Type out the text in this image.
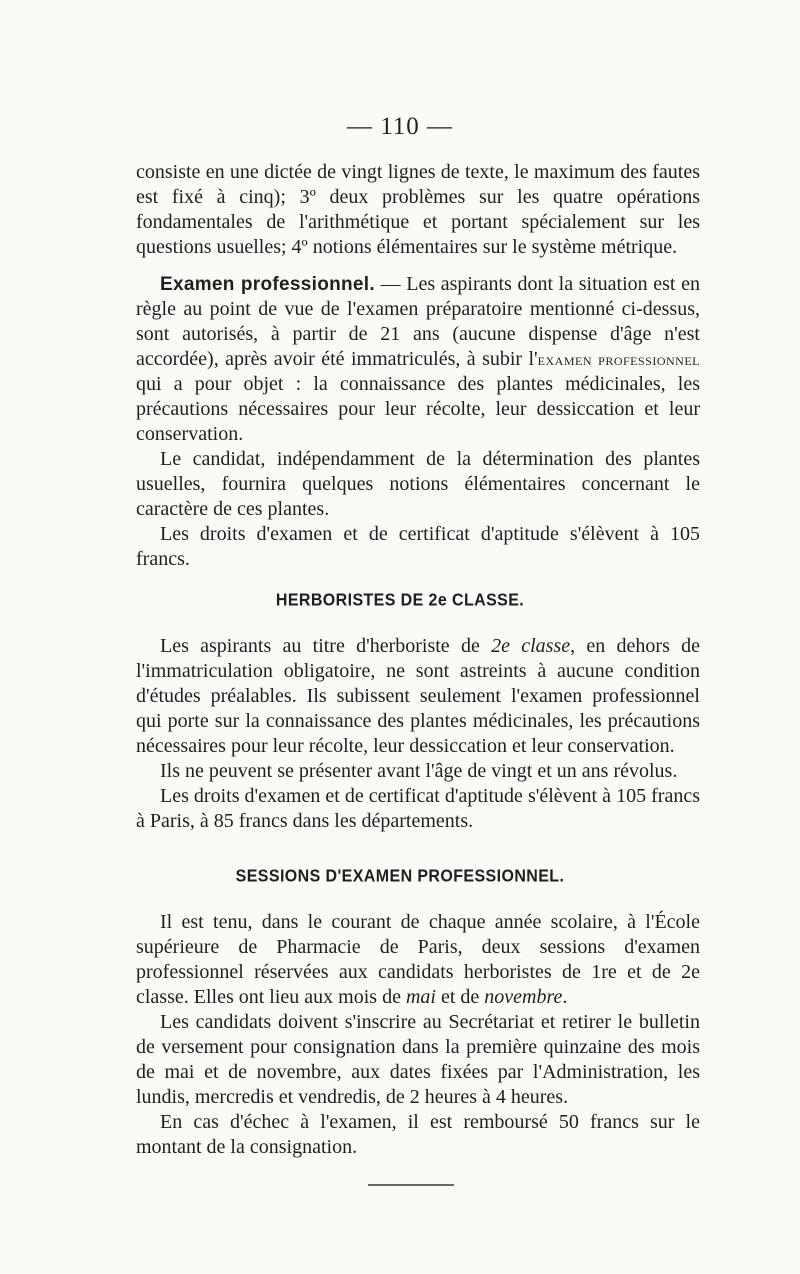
— 110 —

consiste en une dictée de vingt lignes de texte, le maximum des fautes est fixé à cinq); 3º deux problèmes sur les quatre opérations fondamentales de l'arithmétique et portant spécialement sur les questions usuelles; 4º notions élémentaires sur le système métrique.

Examen professionnel. — Les aspirants dont la situation est en règle au point de vue de l'examen préparatoire mentionné ci-dessus, sont autorisés, à partir de 21 ans (aucune dispense d'âge n'est accordée), après avoir été immatriculés, à subir l'examen professionnel qui a pour objet : la connaissance des plantes médicinales, les précautions nécessaires pour leur récolte, leur dessiccation et leur conservation.

Le candidat, indépendamment de la détermination des plantes usuelles, fournira quelques notions élémentaires concernant le caractère de ces plantes.

Les droits d'examen et de certificat d'aptitude s'élèvent à 105 francs.

HERBORISTES DE 2e CLASSE.

Les aspirants au titre d'herboriste de 2e classe, en dehors de l'immatriculation obligatoire, ne sont astreints à aucune condition d'études préalables. Ils subissent seulement l'examen professionnel qui porte sur la connaissance des plantes médicinales, les précautions nécessaires pour leur récolte, leur dessiccation et leur conservation.

Ils ne peuvent se présenter avant l'âge de vingt et un ans révolus.

Les droits d'examen et de certificat d'aptitude s'élèvent à 105 francs à Paris, à 85 francs dans les départements.

SESSIONS D'EXAMEN PROFESSIONNEL.

Il est tenu, dans le courant de chaque année scolaire, à l'École supérieure de Pharmacie de Paris, deux sessions d'examen professionnel réservées aux candidats herboristes de 1re et de 2e classe. Elles ont lieu aux mois de mai et de novembre.

Les candidats doivent s'inscrire au Secrétariat et retirer le bulletin de versement pour consignation dans la première quinzaine des mois de mai et de novembre, aux dates fixées par l'Administration, les lundis, mercredis et vendredis, de 2 heures à 4 heures.

En cas d'échec à l'examen, il est remboursé 50 francs sur le montant de la consignation.
